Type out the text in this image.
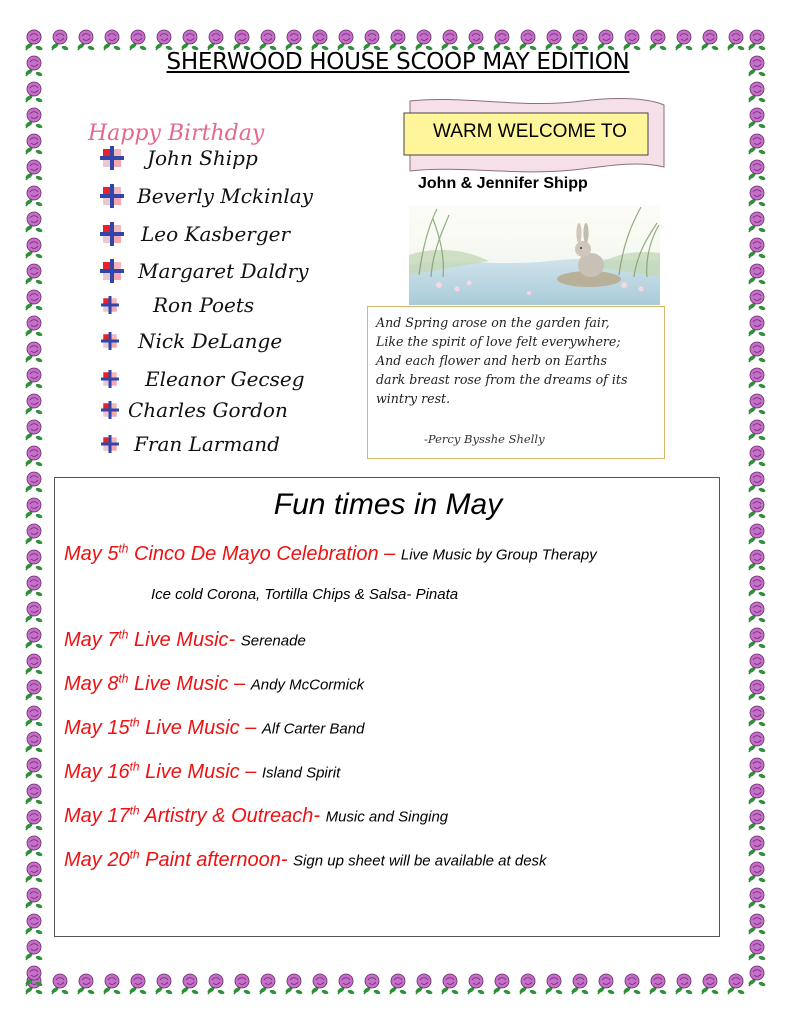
SHERWOOD HOUSE SCOOP MAY EDITION
Happy Birthday
John Shipp
Beverly Mckinlay
Leo Kasberger
Margaret Daldry
Ron Poets
Nick DeLange
Eleanor Gecseg
Charles Gordon
Fran Larmand
WARM WELCOME TO
John & Jennifer Shipp
And Spring arose on the garden fair,
Like the spirit of love felt everywhere;
And each flower and herb on Earths
dark breast rose from the dreams of its
wintry rest.
-Percy Bysshe Shelly
Fun times in May
May 5th Cinco De Mayo Celebration – Live Music by Group Therapy
May 7th Live Music- Serenade
May 8th Live Music – Andy McCormick
May 15th Live Music – Alf Carter Band
May 16th Live Music – Island Spirit
May 17th Artistry & Outreach- Music and Singing
May 20th Paint afternoon- Sign up sheet will be available at desk
Ice cold Corona, Tortilla Chips & Salsa- Pinata
